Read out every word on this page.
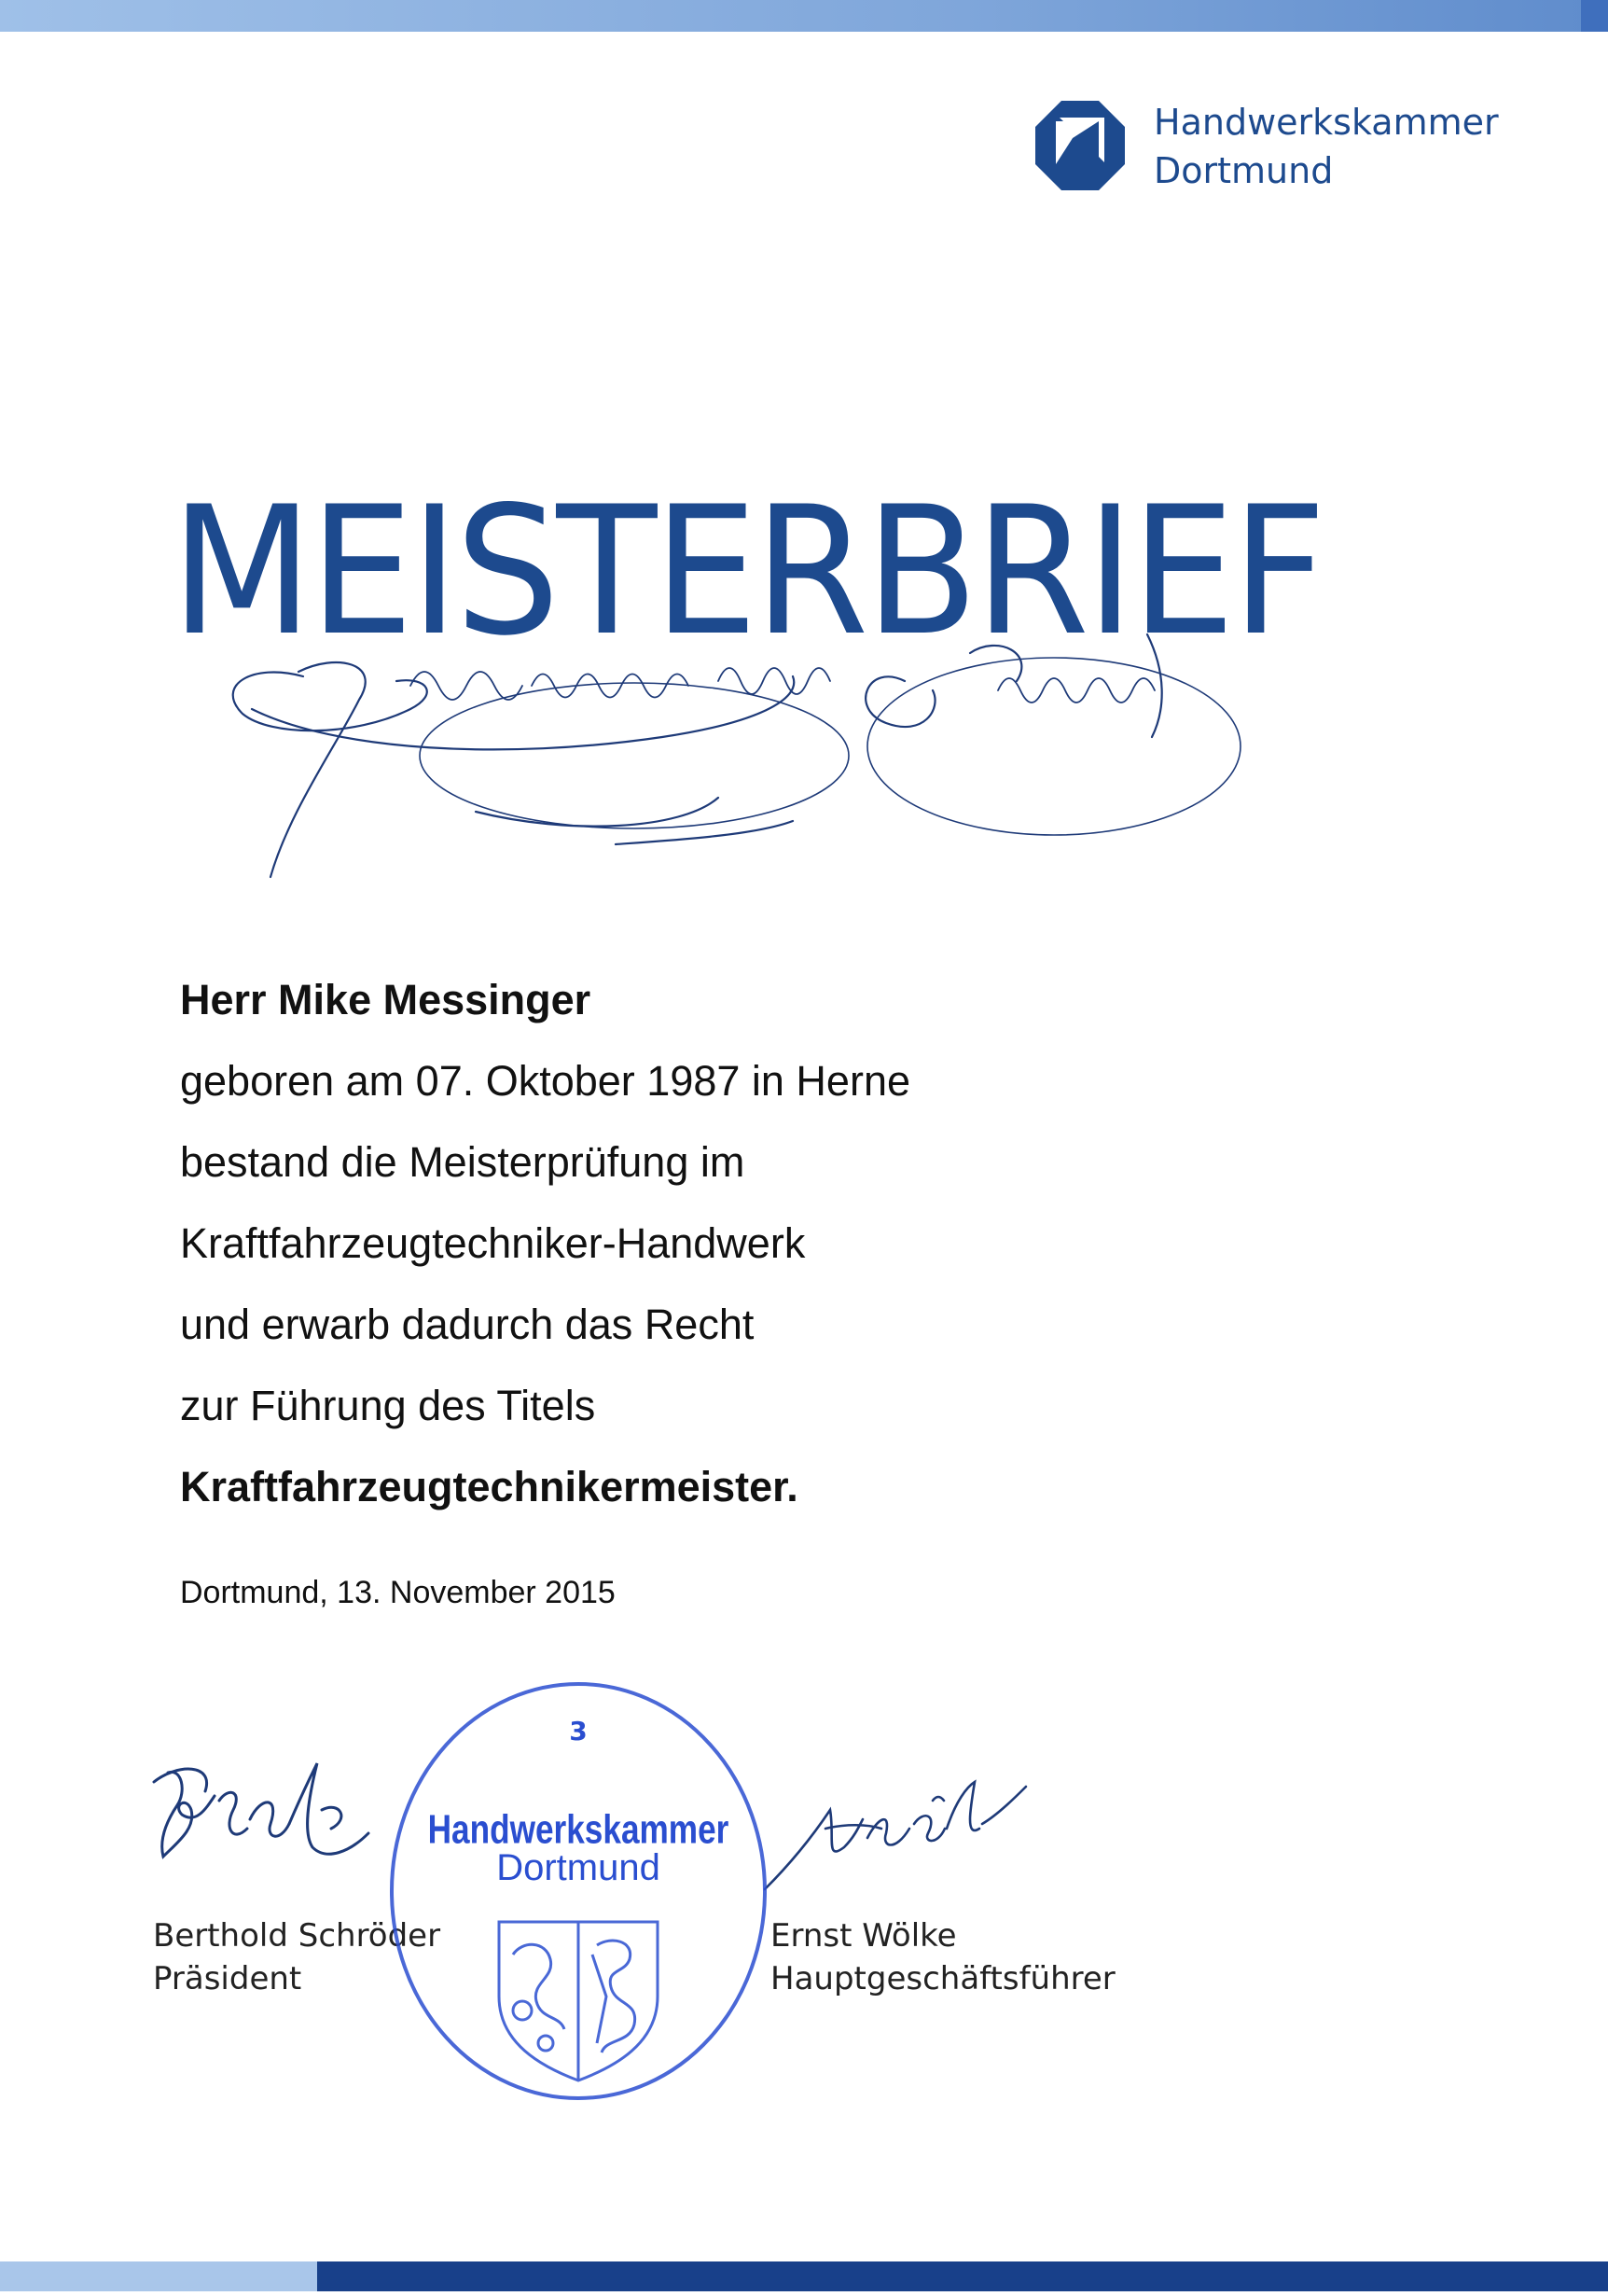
Handwerkskammer
Dortmund
MEISTERBRIEF
Herr Mike Messinger
geboren am 07. Oktober 1987 in Herne
bestand die Meisterprüfung im
Kraftfahrzeugtechniker-Handwerk
und erwarb dadurch das Recht
zur Führung des Titels
Kraftfahrzeugtechnikermeister.
Dortmund, 13. November 2015
Berthold Schröder
Präsident
Ernst Wölke
Hauptgeschäftsführer
3
Handwerkskammer
Dortmund
